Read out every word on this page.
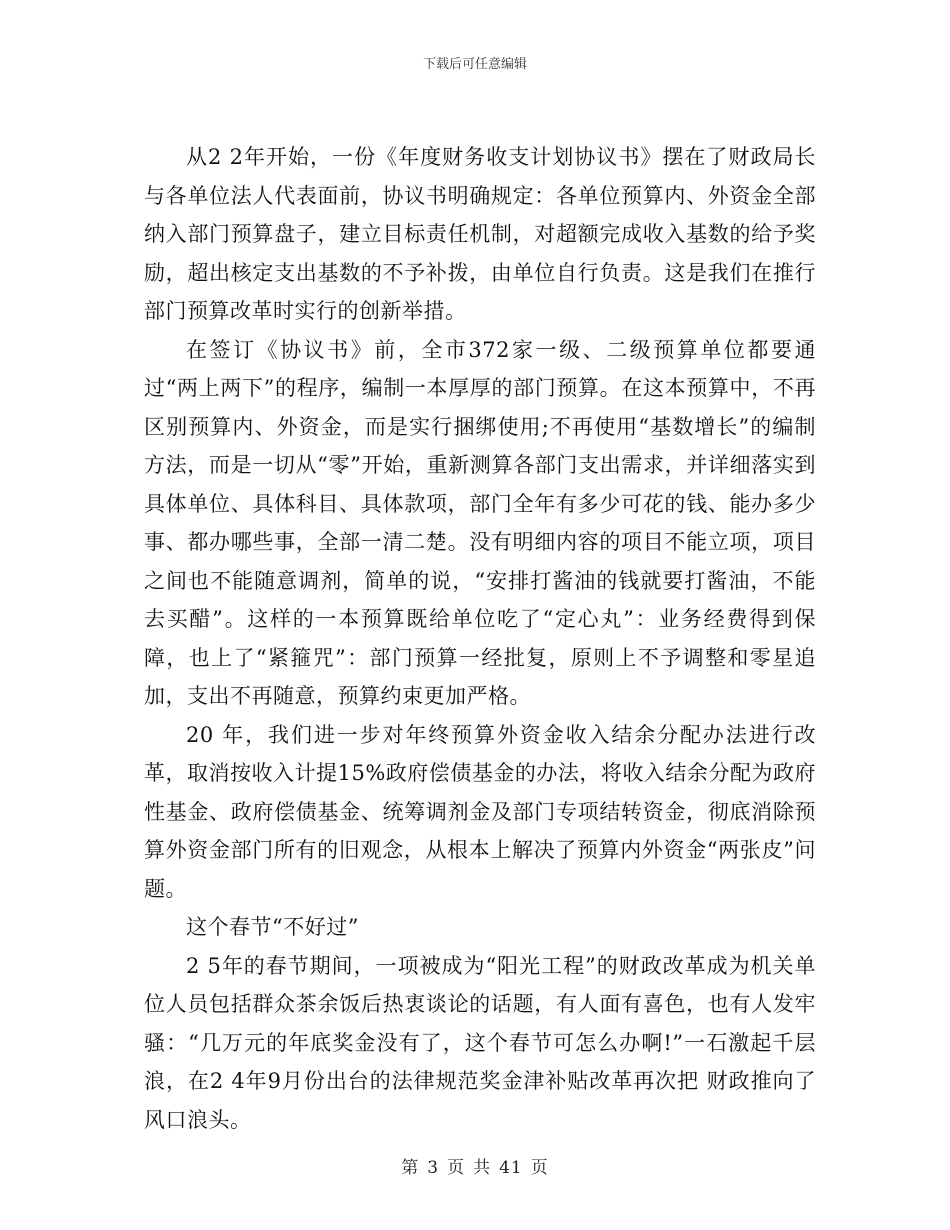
下载后可任意编辑

从2 2年开始，一份《年度财务收支计划协议书》摆在了财政局长与各单位法人代表面前，协议书明确规定：各单位预算内、外资金全部纳入部门预算盘子，建立目标责任机制，对超额完成收入基数的给予奖励，超出核定支出基数的不予补拨，由单位自行负责。这是我们在推行部门预算改革时实行的创新举措。

在签订《协议书》前，全市372家一级、二级预算单位都要通过“两上两下”的程序，编制一本厚厚的部门预算。在这本预算中，不再区别预算内、外资金，而是实行捆绑使用;不再使用“基数增长”的编制方法，而是一切从“零”开始，重新测算各部门支出需求，并详细落实到具体单位、具体科目、具体款项，部门全年有多少可花的钱、能办多少事、都办哪些事，全部一清二楚。没有明细内容的项目不能立项，项目之间也不能随意调剂，简单的说，“安排打酱油的钱就要打酱油，不能去买醋”。这样的一本预算既给单位吃了“定心丸”：业务经费得到保障，也上了“紧箍咒”：部门预算一经批复，原则上不予调整和零星追加，支出不再随意，预算约束更加严格。

20 年，我们进一步对年终预算外资金收入结余分配办法进行改革，取消按收入计提15%政府偿债基金的办法，将收入结余分配为政府性基金、政府偿债基金、统筹调剂金及部门专项结转资金，彻底消除预算外资金部门所有的旧观念，从根本上解决了预算内外资金“两张皮”问题。

这个春节“不好过”

2 5年的春节期间，一项被成为“阳光工程”的财政改革成为机关单位人员包括群众茶余饭后热衷谈论的话题，有人面有喜色，也有人发牢骚：“几万元的年底奖金没有了，这个春节可怎么办啊!”一石激起千层浪，在2 4年9月份出台的法律规范奖金津补贴改革再次把 财政推向了风口浪头。

第 3 页 共 41 页
